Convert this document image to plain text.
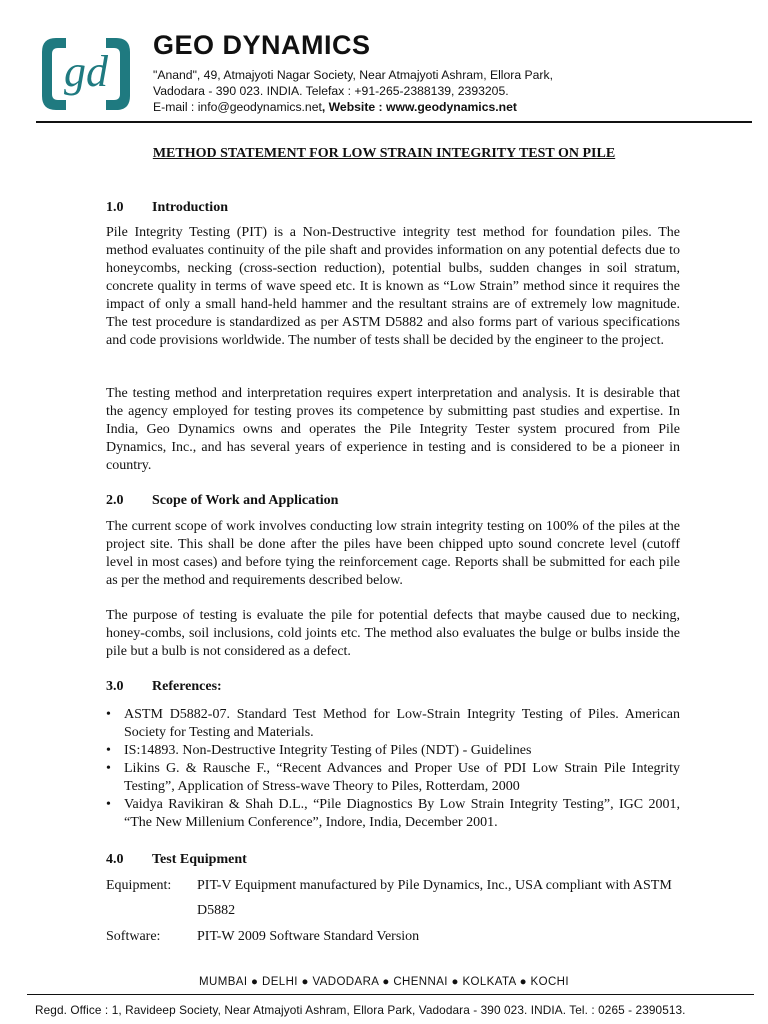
gd
GEO DYNAMICS
"Anand", 49, Atmajyoti Nagar Society, Near Atmajyoti Ashram, Ellora Park,
Vadodara - 390 023. INDIA. Telefax : +91-265-2388139, 2393205.
E-mail : info@geodynamics.net, Website : www.geodynamics.net
METHOD STATEMENT FOR LOW STRAIN INTEGRITY TEST ON PILE
1.0 Introduction

Pile Integrity Testing (PIT) is a Non-Destructive integrity test method for foundation piles. The method evaluates continuity of the pile shaft and provides information on any potential defects due to honeycombs, necking (cross-section reduction), potential bulbs, sudden changes in soil stratum, concrete quality in terms of wave speed etc. It is known as “Low Strain” method since it requires the impact of only a small hand-held hammer and the resultant strains are of extremely low magnitude. The test procedure is standardized as per ASTM D5882 and also forms part of various specifications and code provisions worldwide. The number of tests shall be decided by the engineer to the project.

The testing method and interpretation requires expert interpretation and analysis. It is desirable that the agency employed for testing proves its competence by submitting past studies and expertise. In India, Geo Dynamics owns and operates the Pile Integrity Tester system procured from Pile Dynamics, Inc., and has several years of experience in testing and is considered to be a pioneer in country.

2.0 Scope of Work and Application

The current scope of work involves conducting low strain integrity testing on 100% of the piles at the project site. This shall be done after the piles have been chipped upto sound concrete level (cutoff level in most cases) and before tying the reinforcement cage. Reports shall be submitted for each pile as per the method and requirements described below.

The purpose of testing is evaluate the pile for potential defects that maybe caused due to necking, honey-combs, soil inclusions, cold joints etc. The method also evaluates the bulge or bulbs inside the pile but a bulb is not considered as a defect.

3.0 References:
• ASTM D5882-07. Standard Test Method for Low-Strain Integrity Testing of Piles. American Society for Testing and Materials.
• IS:14893. Non-Destructive Integrity Testing of Piles (NDT) - Guidelines
• Likins G. & Rausche F., “Recent Advances and Proper Use of PDI Low Strain Pile Integrity Testing”, Application of Stress-wave Theory to Piles, Rotterdam, 2000
• Vaidya Ravikiran & Shah D.L., “Pile Diagnostics By Low Strain Integrity Testing”, IGC 2001, “The New Millenium Conference”, Indore, India, December 2001.
4.0 Test Equipment
Equipment: PIT-V Equipment manufactured by Pile Dynamics, Inc., USA compliant with ASTM D5882
Software:	PIT-W 2009 Software Standard Version
MUMBAI ● DELHI ● VADODARA ● CHENNAI ● KOLKATA ● KOCHI
Regd. Office : 1, Ravideep Society, Near Atmajyoti Ashram, Ellora Park, Vadodara - 390 023. INDIA. Tel. : 0265 - 2390513.
